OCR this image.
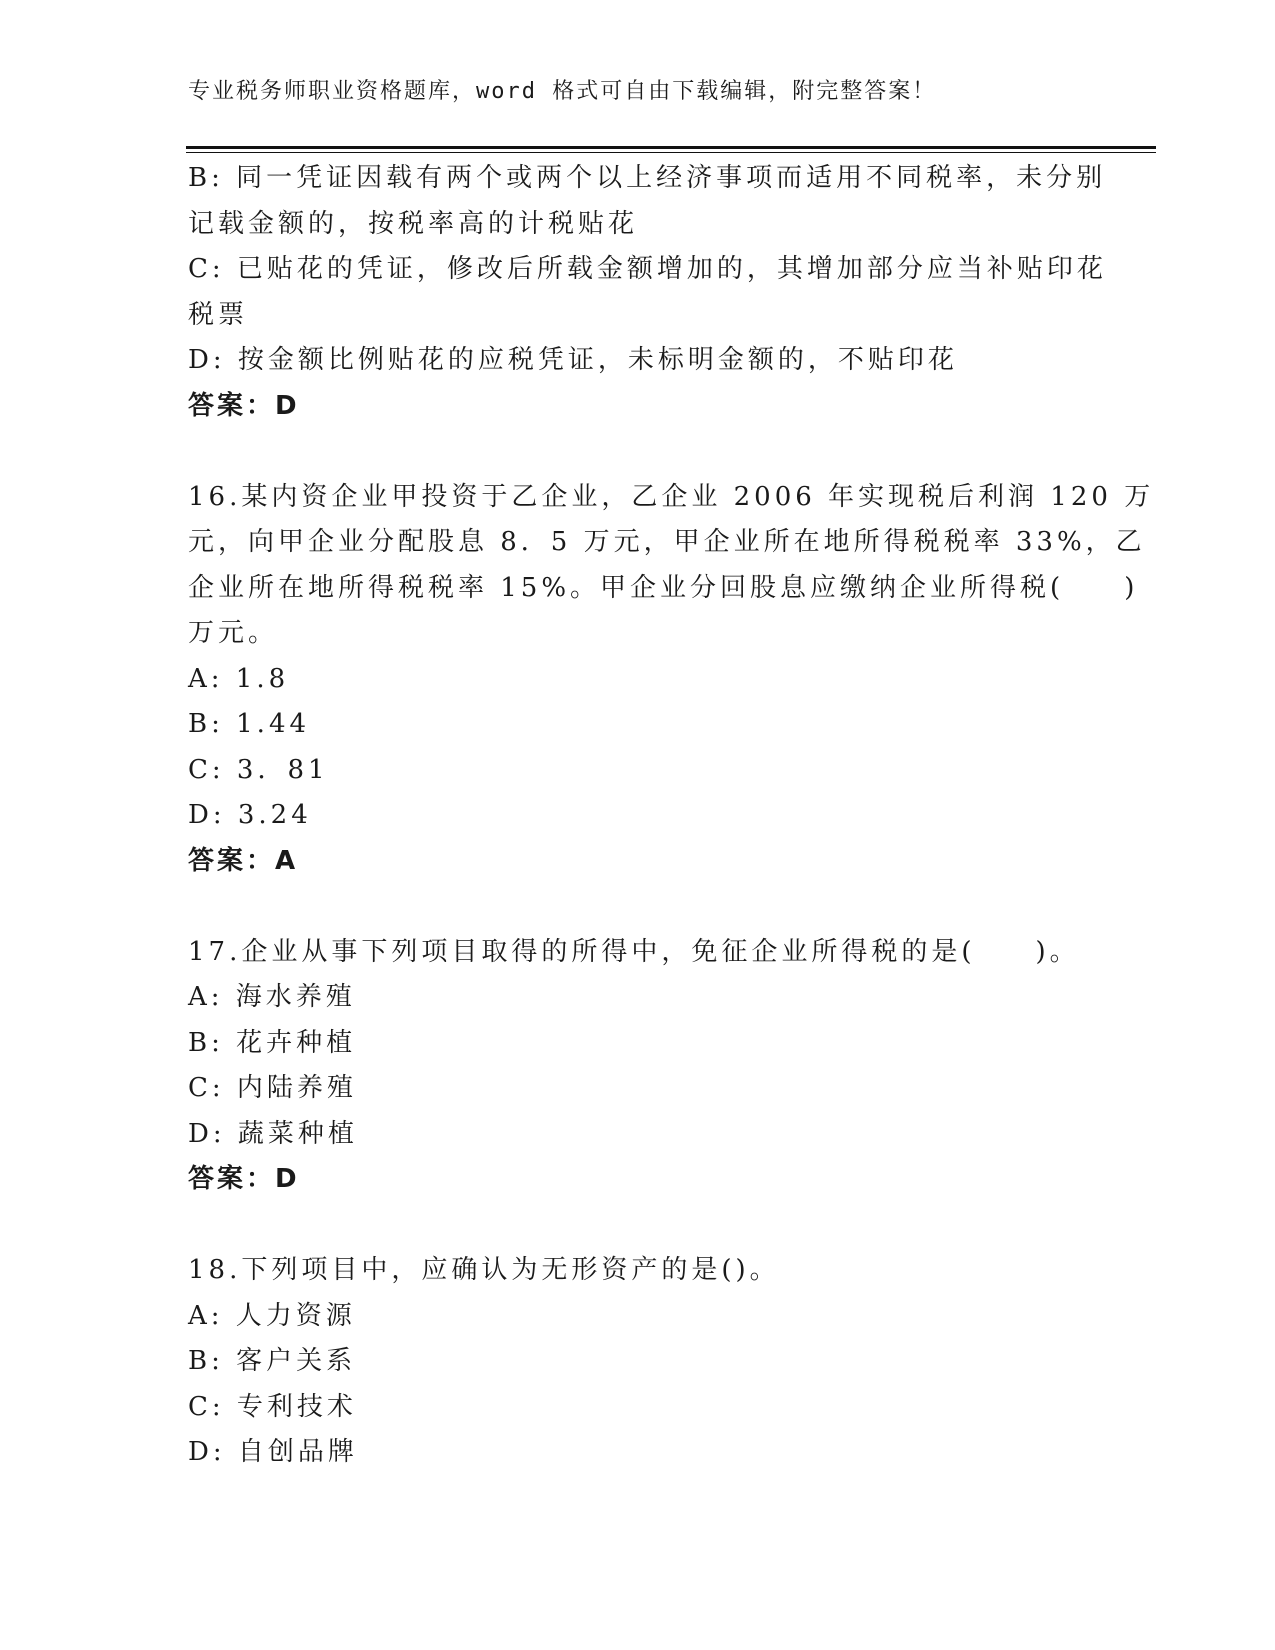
专业税务师职业资格题库，word 格式可自由下载编辑，附完整答案！
B: 同一凭证因载有两个或两个以上经济事项而适用不同税率，未分别
记载金额的，按税率高的计税贴花
C: 已贴花的凭证，修改后所载金额增加的，其增加部分应当补贴印花
税票
D: 按金额比例贴花的应税凭证，未标明金额的，不贴印花
答案：D
16.某内资企业甲投资于乙企业，乙企业 2006 年实现税后利润 120 万
元，向甲企业分配股息 8．5 万元，甲企业所在地所得税税率 33%，乙
企业所在地所得税税率 15%。甲企业分回股息应缴纳企业所得税(　　)
万元。
A: 1.8
B: 1.44
C: 3．81
D: 3.24
答案：A
17.企业从事下列项目取得的所得中，免征企业所得税的是(　　)。
A: 海水养殖
B: 花卉种植
C: 内陆养殖
D: 蔬菜种植
答案：D
18.下列项目中，应确认为无形资产的是()。
A: 人力资源
B: 客户关系
C: 专利技术
D: 自创品牌
